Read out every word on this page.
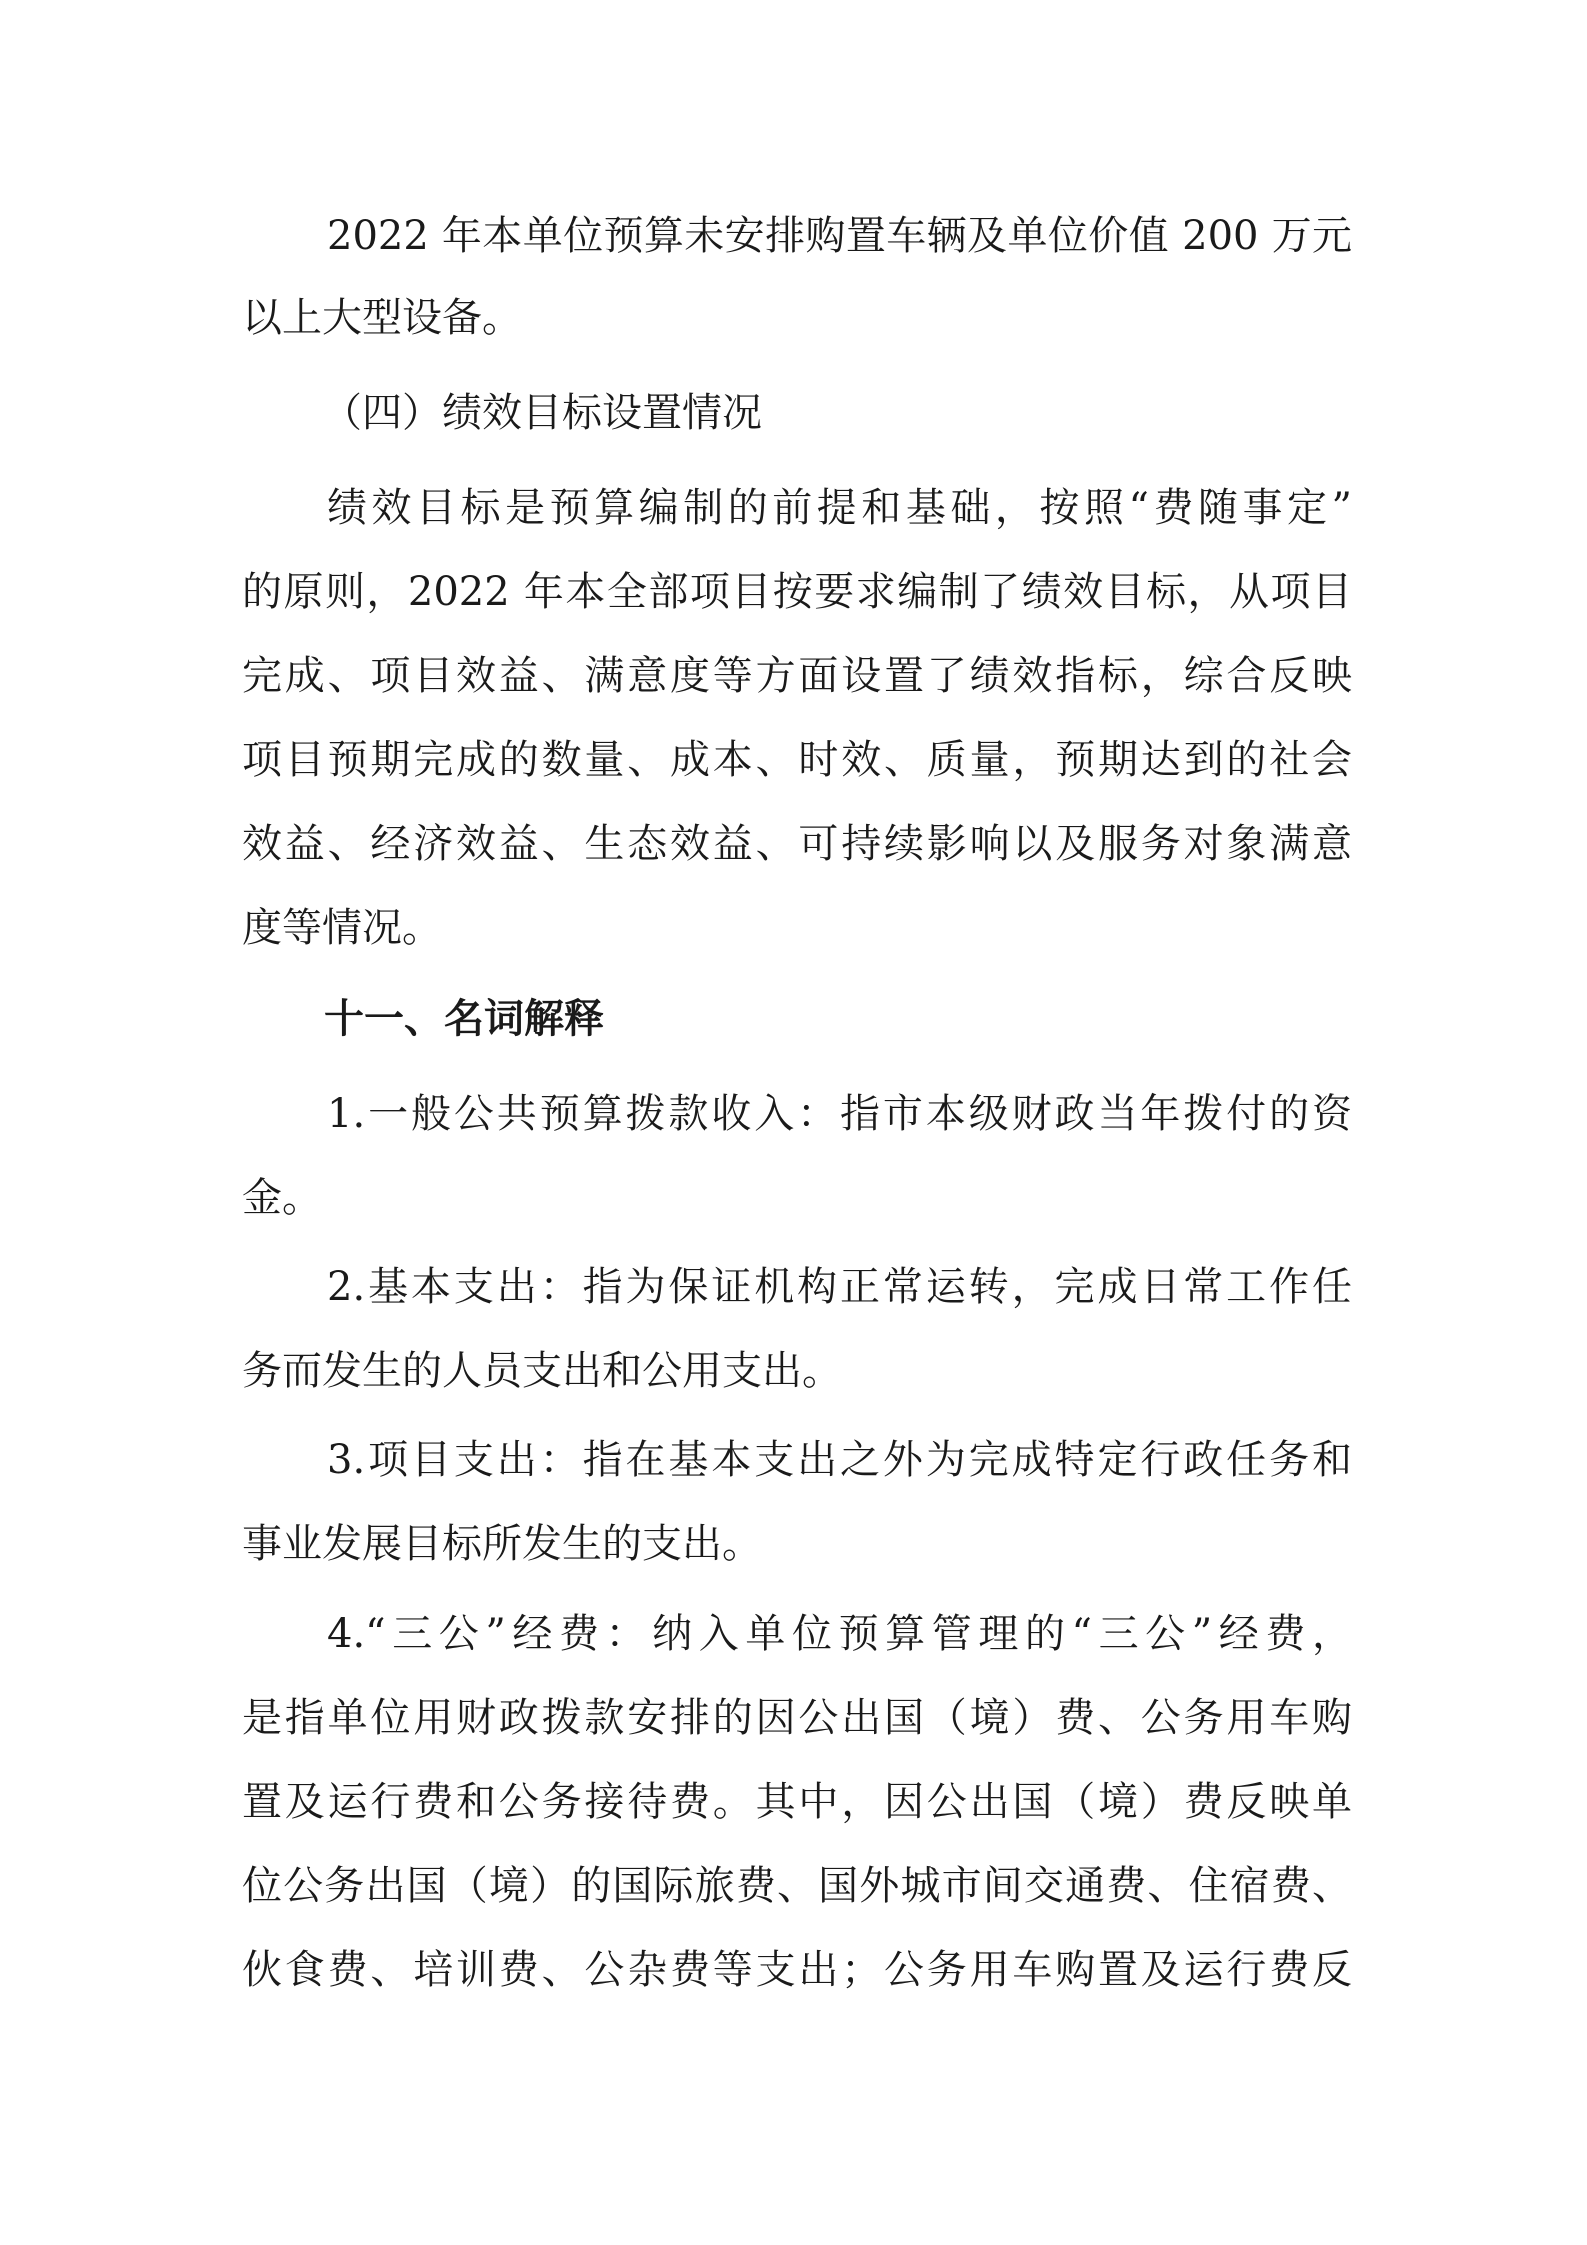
2022 年本单位预算未安排购置车辆及单位价值 200 万元
以上大型设备。
（四）绩效目标设置情况
绩效目标是预算编制的前提和基础，按照“费随事定”
的原则，2022 年本全部项目按要求编制了绩效目标，从项目
完成、项目效益、满意度等方面设置了绩效指标，综合反映
项目预期完成的数量、成本、时效、质量，预期达到的社会
效益、经济效益、生态效益、可持续影响以及服务对象满意
度等情况。
十一、名词解释
1.一般公共预算拨款收入：指市本级财政当年拨付的资
金。
2.基本支出：指为保证机构正常运转，完成日常工作任
务而发生的人员支出和公用支出。
3.项目支出：指在基本支出之外为完成特定行政任务和
事业发展目标所发生的支出。
4.“三公”经费：纳入单位预算管理的“三公”经费，
是指单位用财政拨款安排的因公出国（境）费、公务用车购
置及运行费和公务接待费。其中，因公出国（境）费反映单
位公务出国（境）的国际旅费、国外城市间交通费、住宿费、
伙食费、培训费、公杂费等支出；公务用车购置及运行费反
